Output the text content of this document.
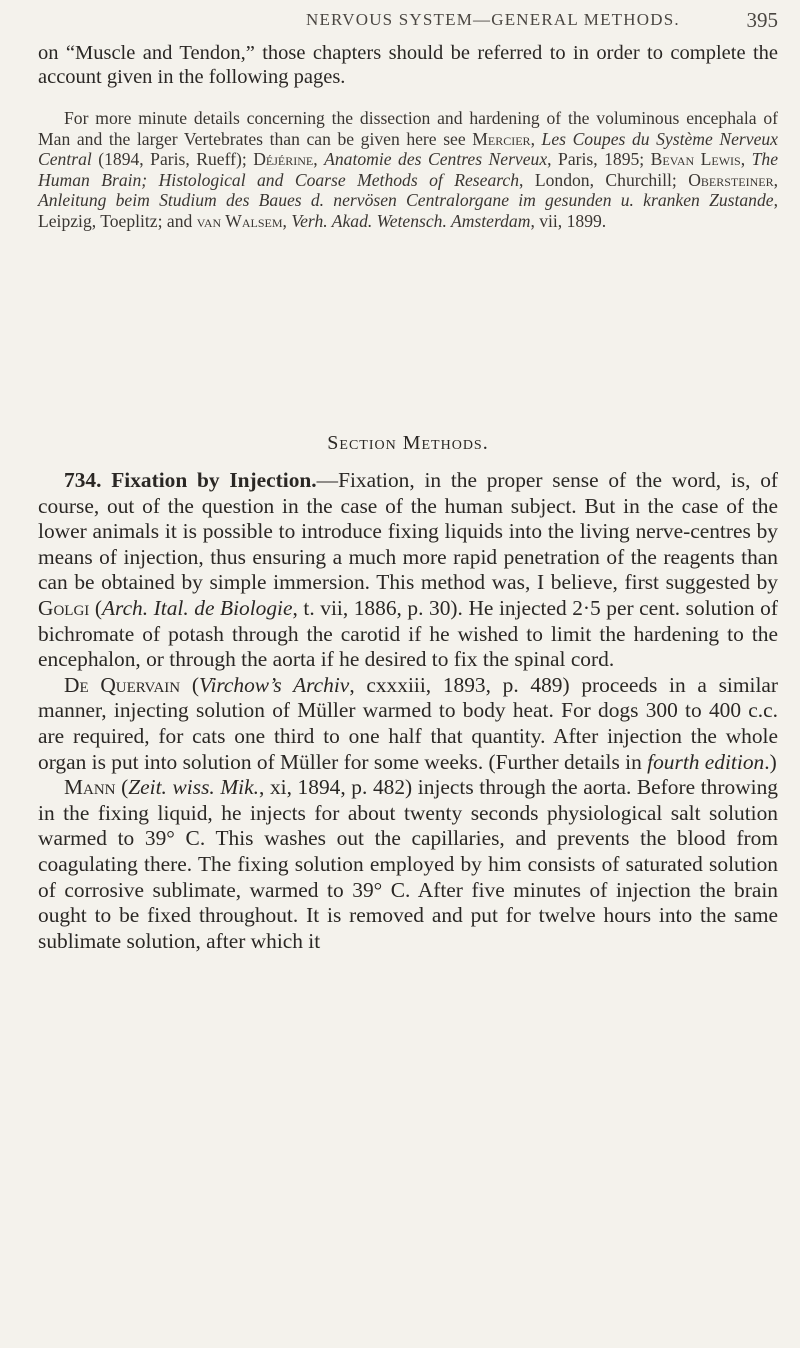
NERVOUS SYSTEM—GENERAL METHODS.	395
on “Muscle and Tendon,” those chapters should be referred to in order to complete the account given in the following pages.
For more minute details concerning the dissection and hardening of the voluminous encephala of Man and the larger Vertebrates than can be given here see Mercier, Les Coupes du Système Nerveux Central (1894, Paris, Rueff); Déjérine, Anatomie des Centres Nerveux, Paris, 1895; Bevan Lewis, The Human Brain; Histological and Coarse Methods of Research, London, Churchill; Obersteiner, Anleitung beim Studium des Baues d. nervösen Centralorgane im gesunden u. kranken Zustande, Leipzig, Toeplitz; and van Walsem, Verh. Akad. Wetensch. Amsterdam, vii, 1899.
Section Methods.

734. Fixation by Injection.—Fixation, in the proper sense of the word, is, of course, out of the question in the case of the human subject. But in the case of the lower animals it is possible to introduce fixing liquids into the living nerve-centres by means of injection, thus ensuring a much more rapid penetration of the reagents than can be obtained by simple immersion. This method was, I believe, first suggested by Golgi (Arch. Ital. de Biologie, t. vii, 1886, p. 30). He injected 2·5 per cent. solution of bichromate of potash through the carotid if he wished to limit the hardening to the encephalon, or through the aorta if he desired to fix the spinal cord.

De Quervain (Virchow’s Archiv, cxxxiii, 1893, p. 489) proceeds in a similar manner, injecting solution of Müller warmed to body heat. For dogs 300 to 400 c.c. are required, for cats one third to one half that quantity. After injection the whole organ is put into solution of Müller for some weeks. (Further details in fourth edition.)

Mann (Zeit. wiss. Mik., xi, 1894, p. 482) injects through the aorta. Before throwing in the fixing liquid, he injects for about twenty seconds physiological salt solution warmed to 39° C. This washes out the capillaries, and prevents the blood from coagulating there. The fixing solution employed by him consists of saturated solution of corrosive sublimate, warmed to 39° C. After five minutes of injection the brain ought to be fixed throughout. It is removed and put for twelve hours into the same sublimate solution, after which it
